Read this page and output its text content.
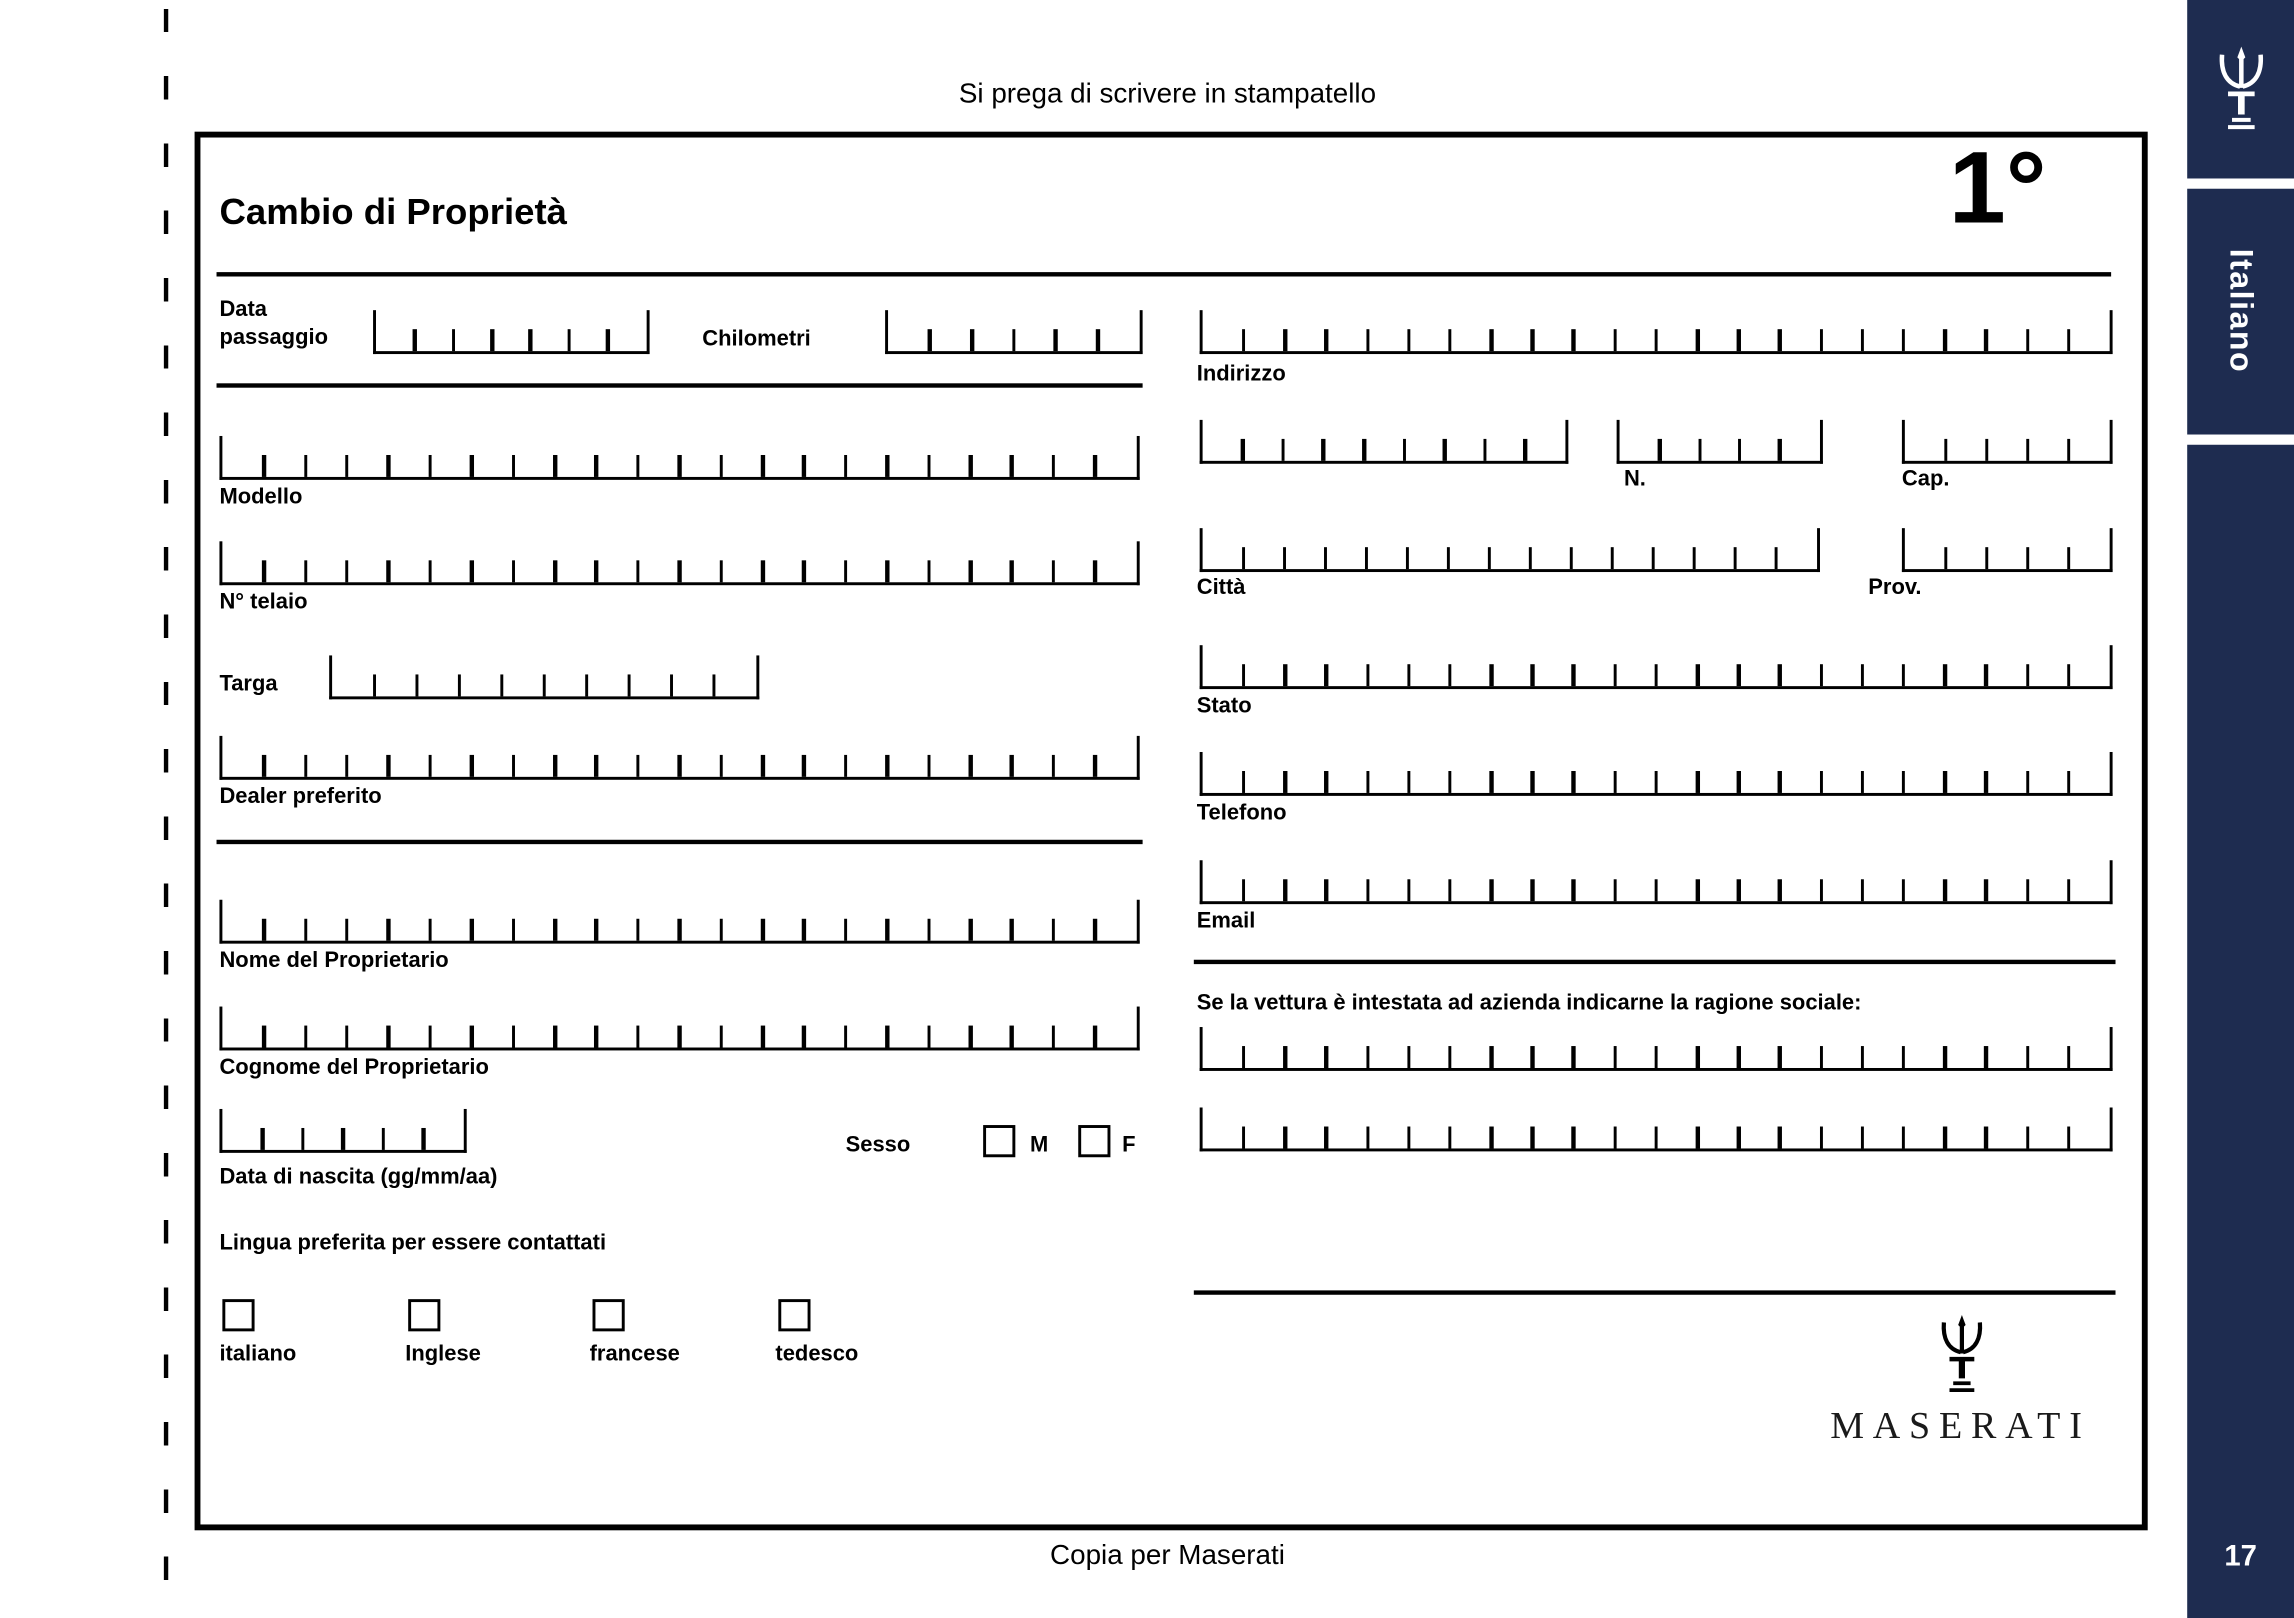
Si prega di scrivere in stampatello
Cambio di Proprietà	1°
Data passaggio	Chilometri
Modello
N° telaio
Targa
Dealer preferito
Nome del Proprietario
Cognome del Proprietario
Data di nascita (gg/mm/aa)
Sesso	M	F
Lingua preferita per essere contattati
italiano	Inglese	francese	tedesco
Indirizzo
N.	Cap.
Città	Prov.
Stato
Telefono
Email
Se la vettura è intestata ad azienda indicarne la ragione sociale:
MASERATI
Copia per Maserati
Italiano
17
